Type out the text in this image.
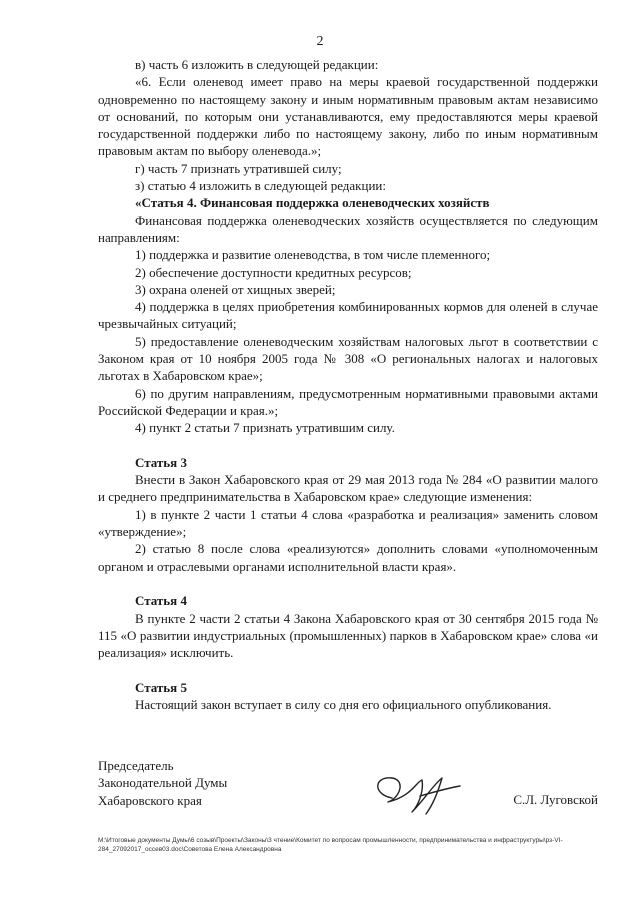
2

в) часть 6 изложить в следующей редакции:

«6. Если оленевод имеет право на меры краевой государственной поддержки одновременно по настоящему закону и иным нормативным правовым актам независимо от оснований, по которым они устанавливаются, ему предоставляются меры краевой государственной поддержки либо по настоящему закону, либо по иным нормативным правовым актам по выбору оленевода.»;

г) часть 7 признать утратившей силу;

з) статью 4 изложить в следующей редакции:

«Статья 4. Финансовая поддержка оленеводческих хозяйств

Финансовая поддержка оленеводческих хозяйств осуществляется по следующим направлениям:

1) поддержка и развитие оленеводства, в том числе племенного;

2) обеспечение доступности кредитных ресурсов;

3) охрана оленей от хищных зверей;

4) поддержка в целях приобретения комбинированных кормов для оленей в случае чрезвычайных ситуаций;

5) предоставление оленеводческим хозяйствам налоговых льгот в соответствии с Законом края от 10 ноября 2005 года № 308 «О региональных налогах и налоговых льготах в Хабаровском крае»;

6) по другим направлениям, предусмотренным нормативными правовыми актами Российской Федерации и края.»;

4) пункт 2 статьи 7 признать утратившим силу.

Статья 3

Внести в Закон Хабаровского края от 29 мая 2013 года № 284 «О развитии малого и среднего предпринимательства в Хабаровском крае» следующие изменения:

1) в пункте 2 части 1 статьи 4 слова «разработка и реализация» заменить словом «утверждение»;

2) статью 8 после слова «реализуются» дополнить словами «уполномоченным органом и отраслевыми органами исполнительной власти края».

Статья 4

В пункте 2 части 2 статьи 4 Закона Хабаровского края от 30 сентября 2015 года № 115 «О развитии индустриальных (промышленных) парков в Хабаровском крае» слова «и реализация» исключить.

Статья 5

Настоящий закон вступает в силу со дня его официального опубликования.

Председатель
Законодательной Думы
Хабаровского края	С.Л. Луговской
M:\Итоговые документы Думы\6 созыв\Проекты\Законы\3 чтение\Комитет по вопросам промышленности, предпринимательства и инфраструктуры\рз-VI-284_27092017_оссев03.doc\Советова Елена Александровна
